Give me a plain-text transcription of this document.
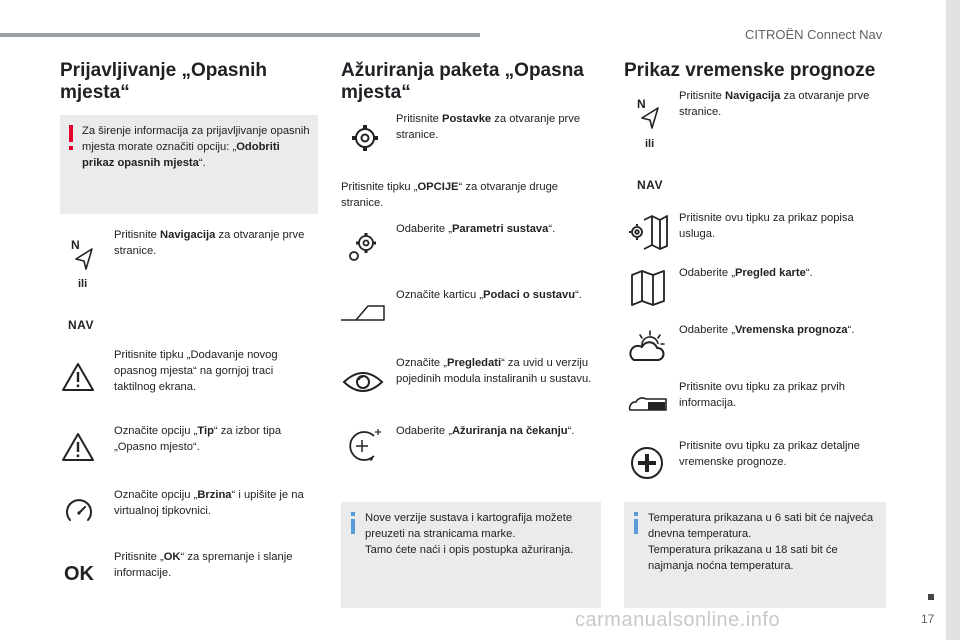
CITROËN Connect Nav
17
Prijavljivanje „Opasnih mjesta“
Za širenje informacija za prijavljivanje opasnih mjesta morate označiti opciju: „Odobriti prikaz opasnih mjesta“.
N
ili
NAV
Pritisnite Navigacija za otvaranje prve stranice.
Pritisnite tipku „Dodavanje novog opasnog mjesta“ na gornjoj traci taktilnog ekrana.
Označite opciju „Tip“ za izbor tipa „Opasno mjesto“.
Označite opciju „Brzina“ i upišite je na virtualnoj tipkovnici.
OK
Pritisnite „OK“ za spremanje i slanje informacije.
Ažuriranja paketa „Opasna mjesta“
Pritisnite Postavke za otvaranje prve stranice.
Pritisnite tipku „OPCIJE“ za otvaranje druge stranice.
Odaberite „Parametri sustava“.
Označite karticu „Podaci o sustavu“.
Označite „Pregledati“ za uvid u verziju pojedinih modula instaliranih u sustavu.
Odaberite „Ažuriranja na čekanju“.
Nove verzije sustava i kartografija možete preuzeti na stranicama marke.
Tamo ćete naći i opis postupka ažuriranja.
Prikaz vremenske prognoze
N
ili
NAV
Pritisnite Navigacija za otvaranje prve stranice.
Pritisnite ovu tipku za prikaz popisa usluga.
Odaberite „Pregled karte“.
Odaberite „Vremenska prognoza“.
Pritisnite ovu tipku za prikaz prvih informacija.
Pritisnite ovu tipku za prikaz detaljne vremenske prognoze.
Temperatura prikazana u 6 sati bit će najveća dnevna temperatura.
Temperatura prikazana u 18 sati bit će najmanja noćna temperatura.
carmanualsonline.info
